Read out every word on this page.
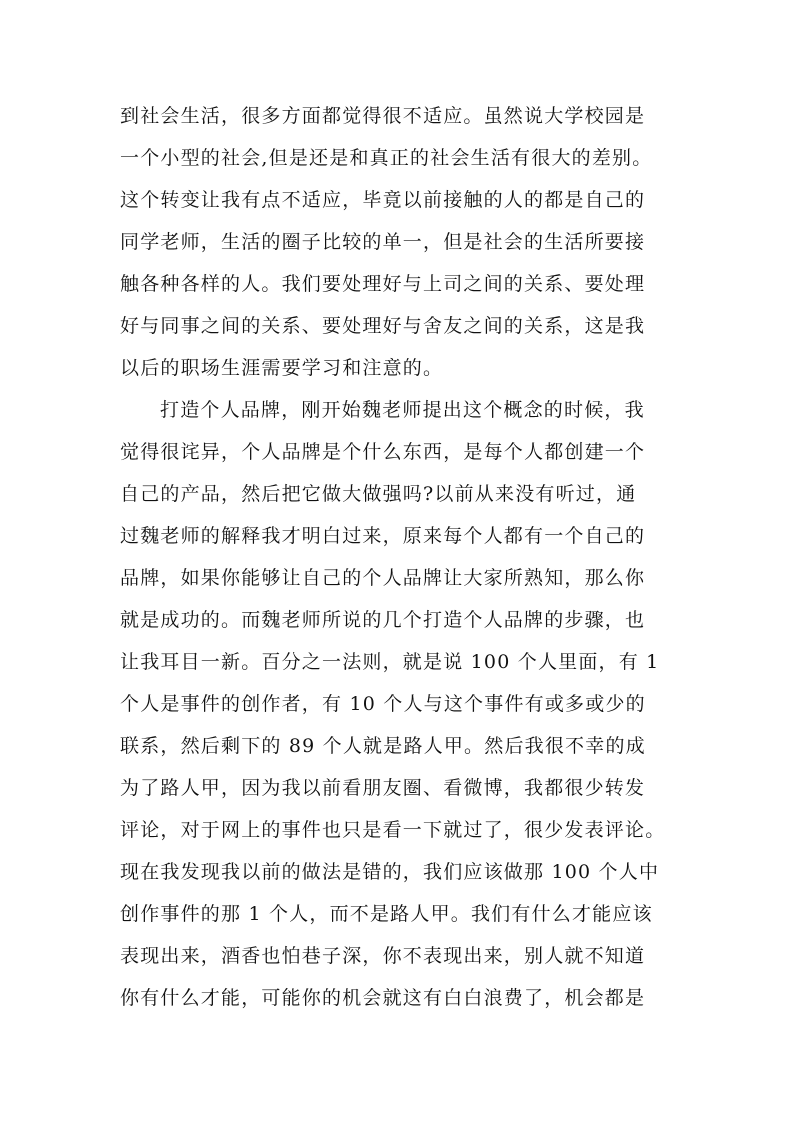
到社会生活，很多方面都觉得很不适应。虽然说大学校园是
一个小型的社会,但是还是和真正的社会生活有很大的差别。
这个转变让我有点不适应，毕竟以前接触的人的都是自己的
同学老师，生活的圈子比较的单一，但是社会的生活所要接
触各种各样的人。我们要处理好与上司之间的关系、要处理
好与同事之间的关系、要处理好与舍友之间的关系，这是我
以后的职场生涯需要学习和注意的。
打造个人品牌，刚开始魏老师提出这个概念的时候，我
觉得很诧异，个人品牌是个什么东西，是每个人都创建一个
自己的产品，然后把它做大做强吗?以前从来没有听过，通
过魏老师的解释我才明白过来，原来每个人都有一个自己的
品牌，如果你能够让自己的个人品牌让大家所熟知，那么你
就是成功的。而魏老师所说的几个打造个人品牌的步骤，也
让我耳目一新。百分之一法则，就是说 100 个人里面，有 1
个人是事件的创作者，有 10 个人与这个事件有或多或少的
联系，然后剩下的 89 个人就是路人甲。然后我很不幸的成
为了路人甲，因为我以前看朋友圈、看微博，我都很少转发
评论，对于网上的事件也只是看一下就过了，很少发表评论。
现在我发现我以前的做法是错的，我们应该做那 100 个人中
创作事件的那 1 个人，而不是路人甲。我们有什么才能应该
表现出来，酒香也怕巷子深，你不表现出来，别人就不知道
你有什么才能，可能你的机会就这有白白浪费了，机会都是
